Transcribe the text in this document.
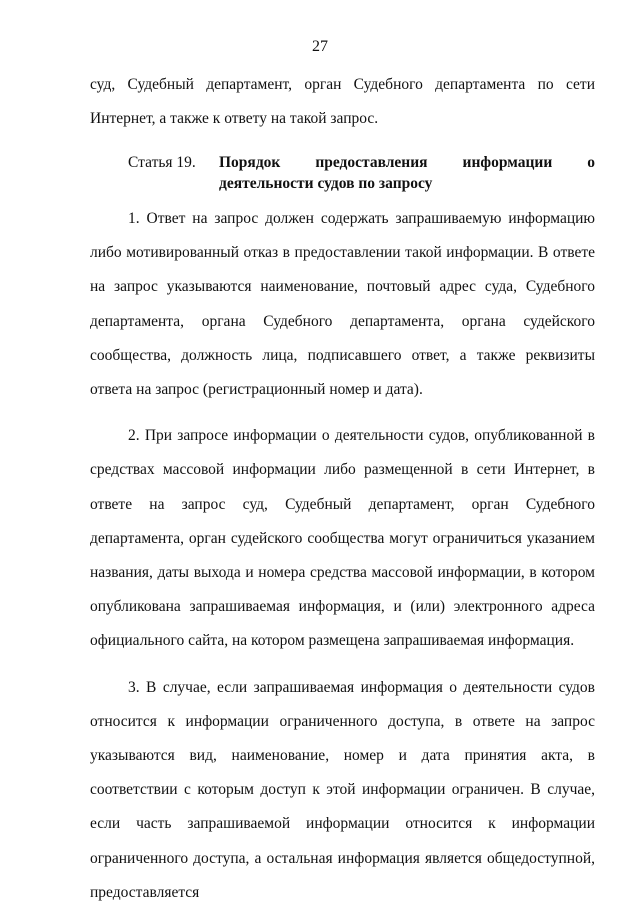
27

суд, Судебный департамент, орган Судебного департамента по сети Интернет, а также к ответу на такой запрос.

Статья 19.	Порядок предоставления информации о деятельности судов по запросу

1. Ответ на запрос должен содержать запрашиваемую информацию либо мотивированный отказ в предоставлении такой информации. В ответе на запрос указываются наименование, почтовый адрес суда, Судебного департамента, органа Судебного департамента, органа судейского сообщества, должность лица, подписавшего ответ, а также реквизиты ответа на запрос (регистрационный номер и дата).

2. При запросе информации о деятельности судов, опубликованной в средствах массовой информации либо размещенной в сети Интернет, в ответе на запрос суд, Судебный департамент, орган Судебного департамента, орган судейского сообщества могут ограничиться указанием названия, даты выхода и номера средства массовой информации, в котором опубликована запрашиваемая информация, и (или) электронного адреса официального сайта, на котором размещена запрашиваемая информация.

3. В случае, если запрашиваемая информация о деятельности судов относится к информации ограниченного доступа, в ответе на запрос указываются вид, наименование, номер и дата принятия акта, в соответствии с которым доступ к этой информации ограничен. В случае, если часть запрашиваемой информации относится к информации ограниченного доступа, а остальная информация является общедоступной, предоставляется
